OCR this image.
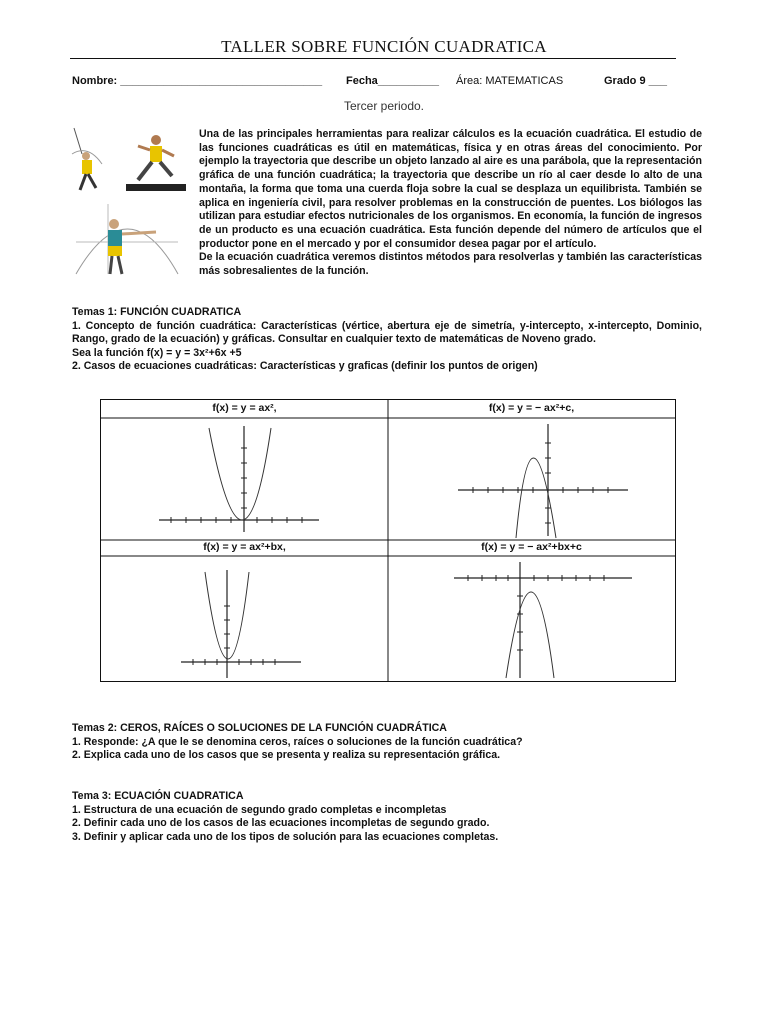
TALLER SOBRE FUNCIÓN CUADRATICA
Nombre: _________________________________ Fecha__________ Área: MATEMATICAS	Grado 9 ___
Tercer periodo.

Una de las principales herramientas para realizar cálculos es la ecuación cuadrática. El estudio de las funciones cuadráticas es útil en matemáticas, física y en otras áreas del conocimiento. Por ejemplo la trayectoria que describe un objeto lanzado al aire es una parábola, que la representación gráfica de una función cuadrática; la trayectoria que describe un río al caer desde lo alto de una montaña, la forma que toma una cuerda floja sobre la cual se desplaza un equilibrista. También se aplica en ingeniería civil, para resolver problemas en la construcción de puentes. Los biólogos las utilizan para estudiar efectos nutricionales de los organismos. En economía, la función de ingresos de un producto es una ecuación cuadrática. Esta función depende del número de artículos que el productor pone en el mercado y por el consumidor desea pagar por el artículo.

De la ecuación cuadrática veremos distintos métodos para resolverlas y también las características más sobresalientes de la función.

Temas 1: FUNCIÓN CUADRATICA

1. Concepto de función cuadrática: Características (vértice, abertura eje de simetría, y-intercepto, x-intercepto, Dominio, Rango, grado de la ecuación) y gráficas. Consultar en cualquier texto de matemáticas de Noveno grado.

Sea la función f(x) = y = 3x²+6x +5

2. Casos de ecuaciones cuadráticas: Características y graficas (definir los puntos de origen)

f(x) = y = ax²,	f(x) = y = − ax²+c,
f(x) = y = ax²+bx,	f(x) = y = − ax²+bx+c

Temas 2: CEROS, RAÍCES O SOLUCIONES DE LA FUNCIÓN CUADRÁTICA

1. Responde: ¿A que le se denomina ceros, raíces o soluciones de la función cuadrática?

2. Explica cada uno de los casos que se presenta y realiza su representación gráfica.

Tema 3: ECUACIÓN CUADRATICA

1. Estructura de una ecuación de segundo grado completas e incompletas

2. Definir cada uno de los casos de las ecuaciones incompletas de segundo grado.

3. Definir y aplicar cada uno de los tipos de solución para las ecuaciones completas.
